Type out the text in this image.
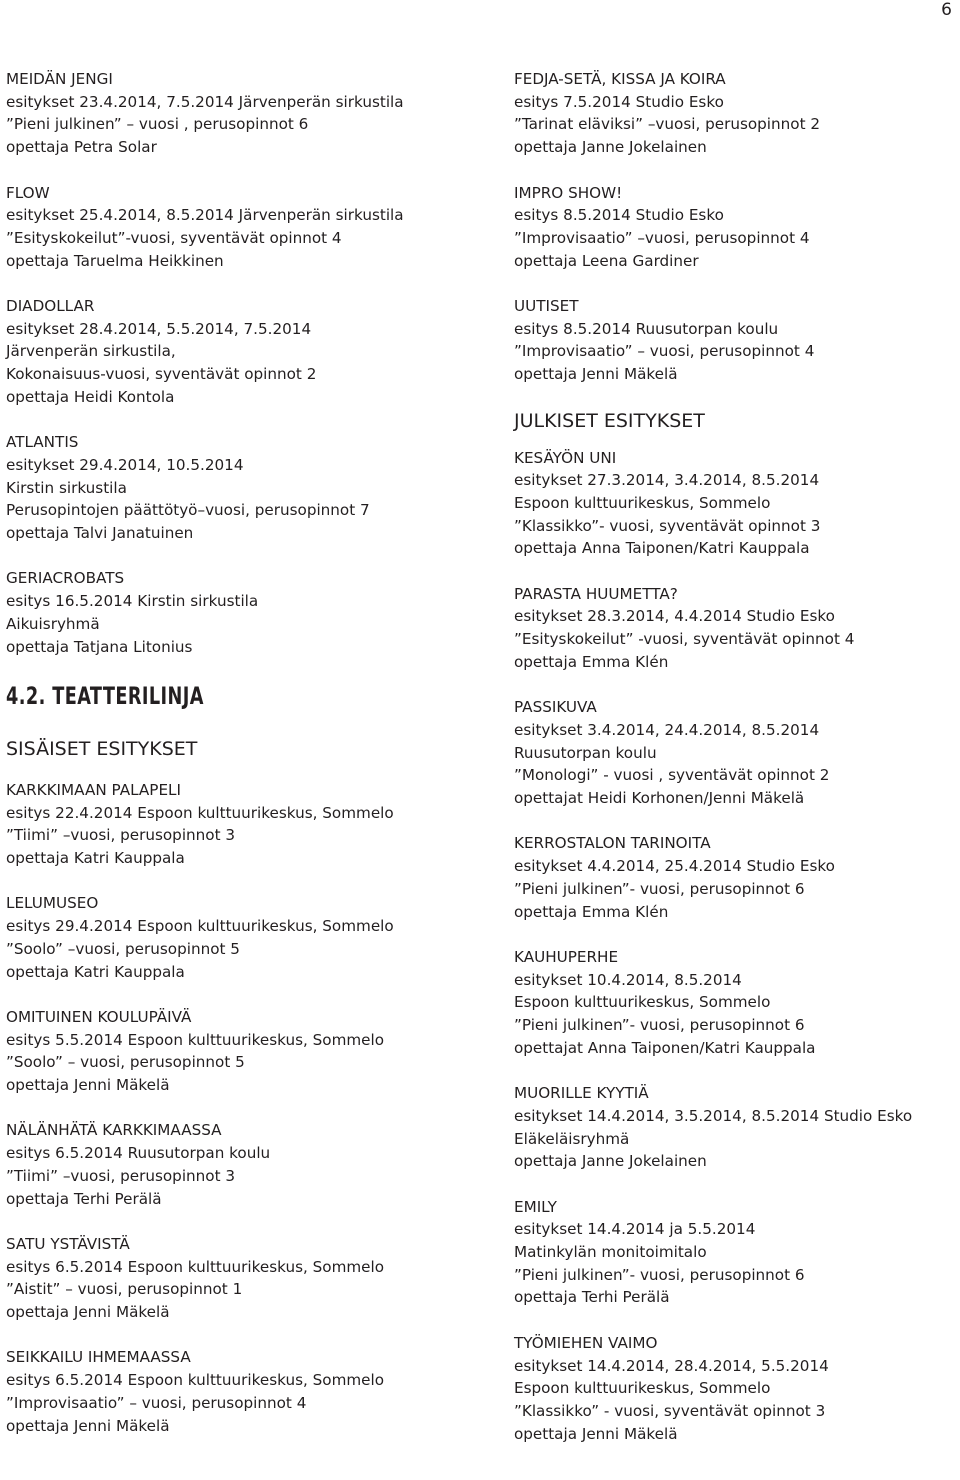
6
MEIDÄN JENGI
esitykset 23.4.2014, 7.5.2014 Järvenperän sirkustila
”Pieni julkinen” – vuosi , perusopinnot 6
opettaja Petra Solar
FLOW
esitykset 25.4.2014, 8.5.2014 Järvenperän sirkustila
”Esityskokeilut”-vuosi, syventävät opinnot 4
opettaja Taruelma Heikkinen
DIADOLLAR
esitykset 28.4.2014, 5.5.2014, 7.5.2014
Järvenperän sirkustila,
Kokonaisuus-vuosi, syventävät opinnot 2
opettaja Heidi Kontola
ATLANTIS
esitykset 29.4.2014, 10.5.2014
Kirstin sirkustila
Perusopintojen päättötyö–vuosi, perusopinnot 7
opettaja Talvi Janatuinen
GERIACROBATS
esitys 16.5.2014 Kirstin sirkustila
Aikuisryhmä
opettaja Tatjana Litonius
4.2. TEATTERILINJA
SISÄISET ESITYKSET
KARKKIMAAN PALAPELI
esitys 22.4.2014 Espoon kulttuurikeskus, Sommelo
”Tiimi” –vuosi, perusopinnot 3
opettaja Katri Kauppala
LELUMUSEO
esitys 29.4.2014 Espoon kulttuurikeskus, Sommelo
”Soolo” –vuosi, perusopinnot 5
opettaja Katri Kauppala
OMITUINEN KOULUPÄIVÄ
esitys 5.5.2014 Espoon kulttuurikeskus, Sommelo
”Soolo” – vuosi, perusopinnot 5
opettaja Jenni Mäkelä
NÄLÄNHÄTÄ KARKKIMAASSA
esitys 6.5.2014 Ruusutorpan koulu
”Tiimi” –vuosi, perusopinnot 3
opettaja Terhi Perälä
SATU YSTÄVISTÄ
esitys 6.5.2014 Espoon kulttuurikeskus, Sommelo
”Aistit” – vuosi, perusopinnot 1
opettaja Jenni Mäkelä
SEIKKAILU IHMEMAASSA
esitys 6.5.2014 Espoon kulttuurikeskus, Sommelo
”Improvisaatio” – vuosi, perusopinnot 4
opettaja Jenni Mäkelä
FEDJA-SETÄ, KISSA JA KOIRA
esitys 7.5.2014 Studio Esko
”Tarinat eläviksi” –vuosi, perusopinnot 2
opettaja Janne Jokelainen
IMPRO SHOW!
esitys 8.5.2014 Studio Esko
”Improvisaatio” –vuosi, perusopinnot 4
opettaja Leena Gardiner
UUTISET
esitys 8.5.2014 Ruusutorpan koulu
”Improvisaatio” – vuosi, perusopinnot 4
opettaja Jenni Mäkelä
JULKISET ESITYKSET
KESÄYÖN UNI
esitykset 27.3.2014, 3.4.2014, 8.5.2014
Espoon kulttuurikeskus, Sommelo
”Klassikko”- vuosi, syventävät opinnot 3
opettaja Anna Taiponen/Katri Kauppala
PARASTA HUUMETTA?
esitykset 28.3.2014, 4.4.2014 Studio Esko
”Esityskokeilut” -vuosi, syventävät opinnot 4
opettaja Emma Klén
PASSIKUVA
esitykset 3.4.2014, 24.4.2014, 8.5.2014
Ruusutorpan koulu
”Monologi” - vuosi , syventävät opinnot 2
opettajat Heidi Korhonen/Jenni Mäkelä
KERROSTALON TARINOITA
esitykset 4.4.2014, 25.4.2014 Studio Esko
”Pieni julkinen”- vuosi, perusopinnot 6
opettaja Emma Klén
KAUHUPERHE
esitykset 10.4.2014, 8.5.2014
Espoon kulttuurikeskus, Sommelo
”Pieni julkinen”- vuosi, perusopinnot 6
opettajat Anna Taiponen/Katri Kauppala
MUORILLE KYYTIÄ
esitykset 14.4.2014, 3.5.2014, 8.5.2014 Studio Esko
Eläkeläisryhmä
opettaja Janne Jokelainen
EMILY
esitykset 14.4.2014 ja 5.5.2014
Matinkylän monitoimitalo
”Pieni julkinen”- vuosi, perusopinnot 6
opettaja Terhi Perälä
TYÖMIEHEN VAIMO
esitykset 14.4.2014, 28.4.2014, 5.5.2014
Espoon kulttuurikeskus, Sommelo
”Klassikko” - vuosi, syventävät opinnot 3
opettaja Jenni Mäkelä
